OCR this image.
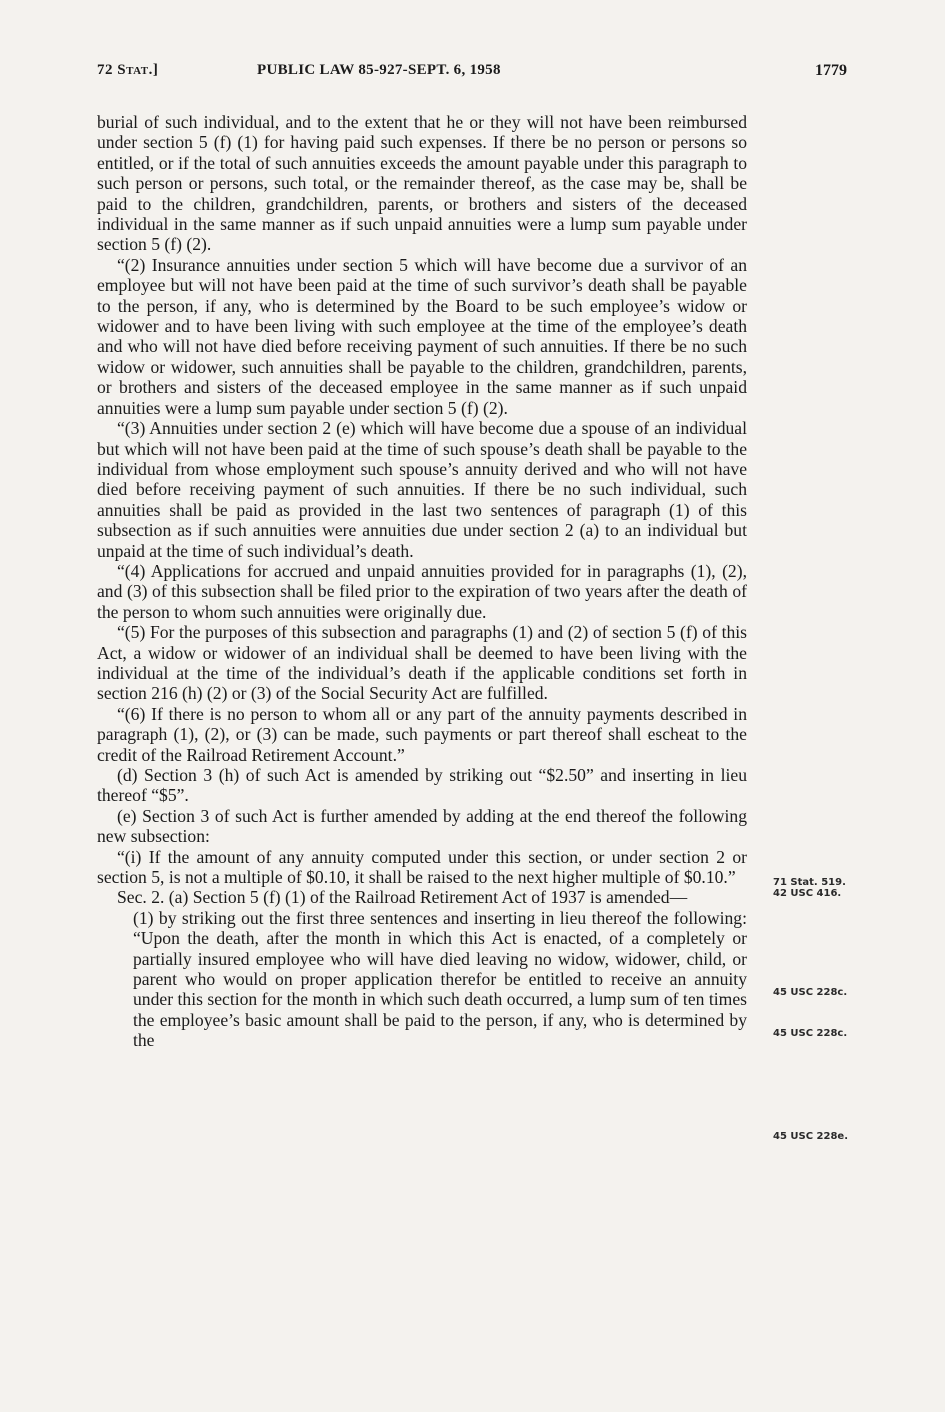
72 Stat.]	PUBLIC LAW 85-927-SEPT. 6, 1958	1779

burial of such individual, and to the extent that he or they will not have been reimbursed under section 5 (f) (1) for having paid such expenses. If there be no person or persons so entitled, or if the total of such annuities exceeds the amount payable under this paragraph to such person or persons, such total, or the remainder thereof, as the case may be, shall be paid to the children, grandchildren, parents, or brothers and sisters of the deceased individual in the same manner as if such unpaid annuities were a lump sum payable under section 5 (f) (2).

“(2) Insurance annuities under section 5 which will have become due a survivor of an employee but will not have been paid at the time of such survivor’s death shall be payable to the person, if any, who is determined by the Board to be such employee’s widow or widower and to have been living with such employee at the time of the employee’s death and who will not have died before receiving payment of such annuities. If there be no such widow or widower, such annuities shall be payable to the children, grandchildren, parents, or brothers and sisters of the deceased employee in the same manner as if such unpaid annuities were a lump sum payable under section 5 (f) (2).

“(3) Annuities under section 2 (e) which will have become due a spouse of an individual but which will not have been paid at the time of such spouse’s death shall be payable to the individual from whose employment such spouse’s annuity derived and who will not have died before receiving payment of such annuities. If there be no such individual, such annuities shall be paid as provided in the last two sentences of paragraph (1) of this subsection as if such annuities were annuities due under section 2 (a) to an individual but unpaid at the time of such individual’s death.

“(4) Applications for accrued and unpaid annuities provided for in paragraphs (1), (2), and (3) of this subsection shall be filed prior to the expiration of two years after the death of the person to whom such annuities were originally due.

“(5) For the purposes of this subsection and paragraphs (1) and (2) of section 5 (f) of this Act, a widow or widower of an individual shall be deemed to have been living with the individual at the time of the individual’s death if the applicable conditions set forth in section 216 (h) (2) or (3) of the Social Security Act are fulfilled.

“(6) If there is no person to whom all or any part of the annuity payments described in paragraph (1), (2), or (3) can be made, such payments or part thereof shall escheat to the credit of the Railroad Retirement Account.”

(d) Section 3 (h) of such Act is amended by striking out “$2.50” and inserting in lieu thereof “$5”.

(e) Section 3 of such Act is further amended by adding at the end thereof the following new subsection:

“(i) If the amount of any annuity computed under this section, or under section 2 or section 5, is not a multiple of $0.10, it shall be raised to the next higher multiple of $0.10.”

Sec. 2. (a) Section 5 (f) (1) of the Railroad Retirement Act of 1937 is amended—

(1) by striking out the first three sentences and inserting in lieu thereof the following: “Upon the death, after the month in which this Act is enacted, of a completely or partially insured employee who will have died leaving no widow, widower, child, or parent who would on proper application therefor be entitled to receive an annuity under this section for the month in which such death occurred, a lump sum of ten times the employee’s basic amount shall be paid to the person, if any, who is determined by the

71 Stat. 519.
42 USC 416.
45 USC 228c.
45 USC 228c.
45 USC 228e.
